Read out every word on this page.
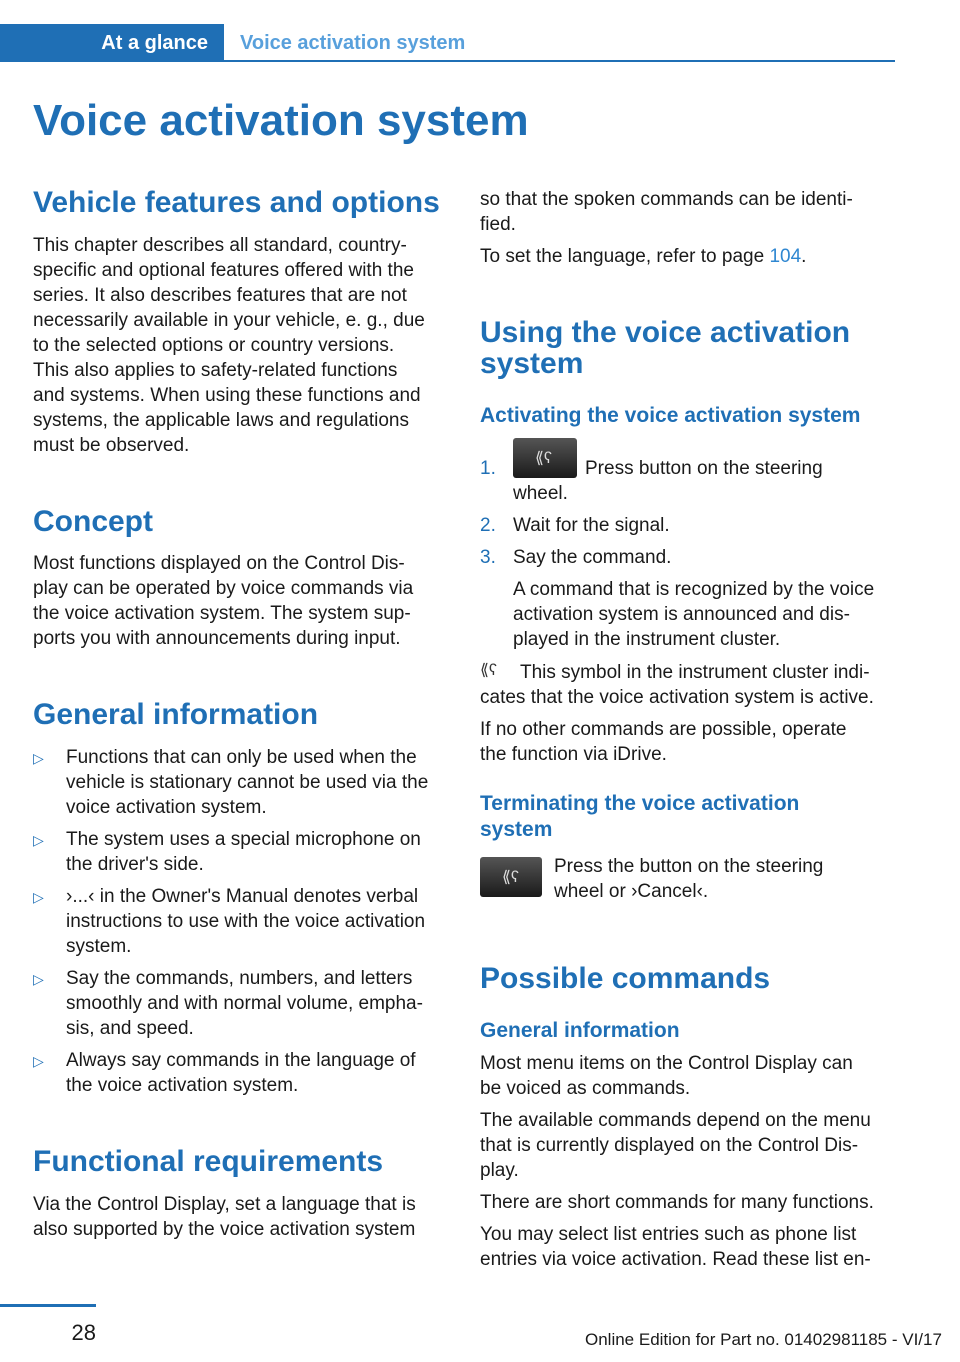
At a glance	Voice activation system
Voice activation system
Vehicle features and options

This chapter describes all standard, country-

specific and optional features offered with the

series. It also describes features that are not

necessarily available in your vehicle, e. g., due

to the selected options or country versions.

This also applies to safety-related functions

and systems. When using these functions and

systems, the applicable laws and regulations

must be observed.

Concept

Most functions displayed on the Control Dis-

play can be operated by voice commands via

the voice activation system. The system sup-

ports you with announcements during input.

General information
▷ Functions that can only be used when the

vehicle is stationary cannot be used via the

voice activation system.

▷ The system uses a special microphone on

the driver's side.

▷ ›...‹ in the Owner's Manual denotes verbal

instructions to use with the voice activation

system.

▷ Say the commands, numbers, and letters

smoothly and with normal volume, empha-

sis, and speed.

▷ Always say commands in the language of

the voice activation system.

Functional requirements

Via the Control Display, set a language that is

also supported by the voice activation system

so that the spoken commands can be identi-

fied.

To set the language, refer to page 104.

Using the voice activation
system
Activating the voice activation system
1. ⟪ʕ Press button on the steering

wheel.

2. Wait for the signal.

3. Say the command.

A command that is recognized by the voice

activation system is announced and dis-

played in the instrument cluster.

⟪ʕ This symbol in the instrument cluster indi-

cates that the voice activation system is active.

If no other commands are possible, operate

the function via iDrive.

Terminating the voice activation
system
⟪ʕ

Press the button on the steering

wheel or ›Cancel‹.

Possible commands
General information

Most menu items on the Control Display can

be voiced as commands.

The available commands depend on the menu

that is currently displayed on the Control Dis-

play.

There are short commands for many functions.

You may select list entries such as phone list

entries via voice activation. Read these list en-

28	Online Edition for Part no. 01402981185 - VI/17
